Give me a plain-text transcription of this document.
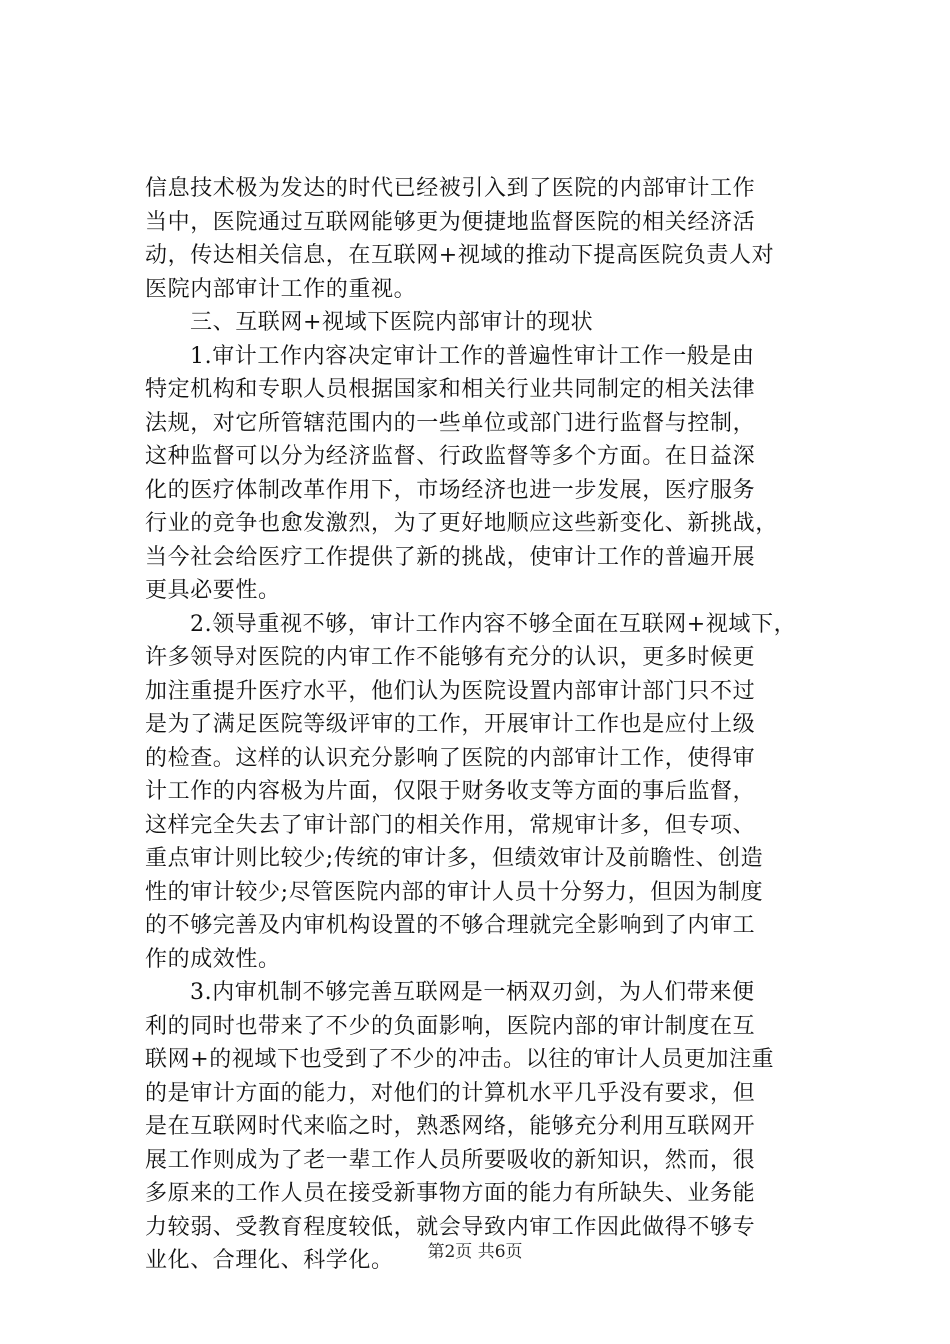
信息技术极为发达的时代已经被引入到了医院的内部审计工作
当中，医院通过互联网能够更为便捷地监督医院的相关经济活
动，传达相关信息，在互联网+视域的推动下提高医院负责人对
医院内部审计工作的重视。
三、互联网+视域下医院内部审计的现状
1.审计工作内容决定审计工作的普遍性审计工作一般是由
特定机构和专职人员根据国家和相关行业共同制定的相关法律
法规，对它所管辖范围内的一些单位或部门进行监督与控制，
这种监督可以分为经济监督、行政监督等多个方面。在日益深
化的医疗体制改革作用下，市场经济也进一步发展，医疗服务
行业的竞争也愈发激烈，为了更好地顺应这些新变化、新挑战，
当今社会给医疗工作提供了新的挑战，使审计工作的普遍开展
更具必要性。
2.领导重视不够，审计工作内容不够全面在互联网+视域下，
许多领导对医院的内审工作不能够有充分的认识，更多时候更
加注重提升医疗水平，他们认为医院设置内部审计部门只不过
是为了满足医院等级评审的工作，开展审计工作也是应付上级
的检查。这样的认识充分影响了医院的内部审计工作，使得审
计工作的内容极为片面，仅限于财务收支等方面的事后监督，
这样完全失去了审计部门的相关作用，常规审计多，但专项、
重点审计则比较少;传统的审计多，但绩效审计及前瞻性、创造
性的审计较少;尽管医院内部的审计人员十分努力，但因为制度
的不够完善及内审机构设置的不够合理就完全影响到了内审工
作的成效性。
3.内审机制不够完善互联网是一柄双刃剑，为人们带来便
利的同时也带来了不少的负面影响，医院内部的审计制度在互
联网+的视域下也受到了不少的冲击。以往的审计人员更加注重
的是审计方面的能力，对他们的计算机水平几乎没有要求，但
是在互联网时代来临之时，熟悉网络，能够充分利用互联网开
展工作则成为了老一辈工作人员所要吸收的新知识，然而，很
多原来的工作人员在接受新事物方面的能力有所缺失、业务能
力较弱、受教育程度较低，就会导致内审工作因此做得不够专
业化、合理化、科学化。	第2页 共6页
